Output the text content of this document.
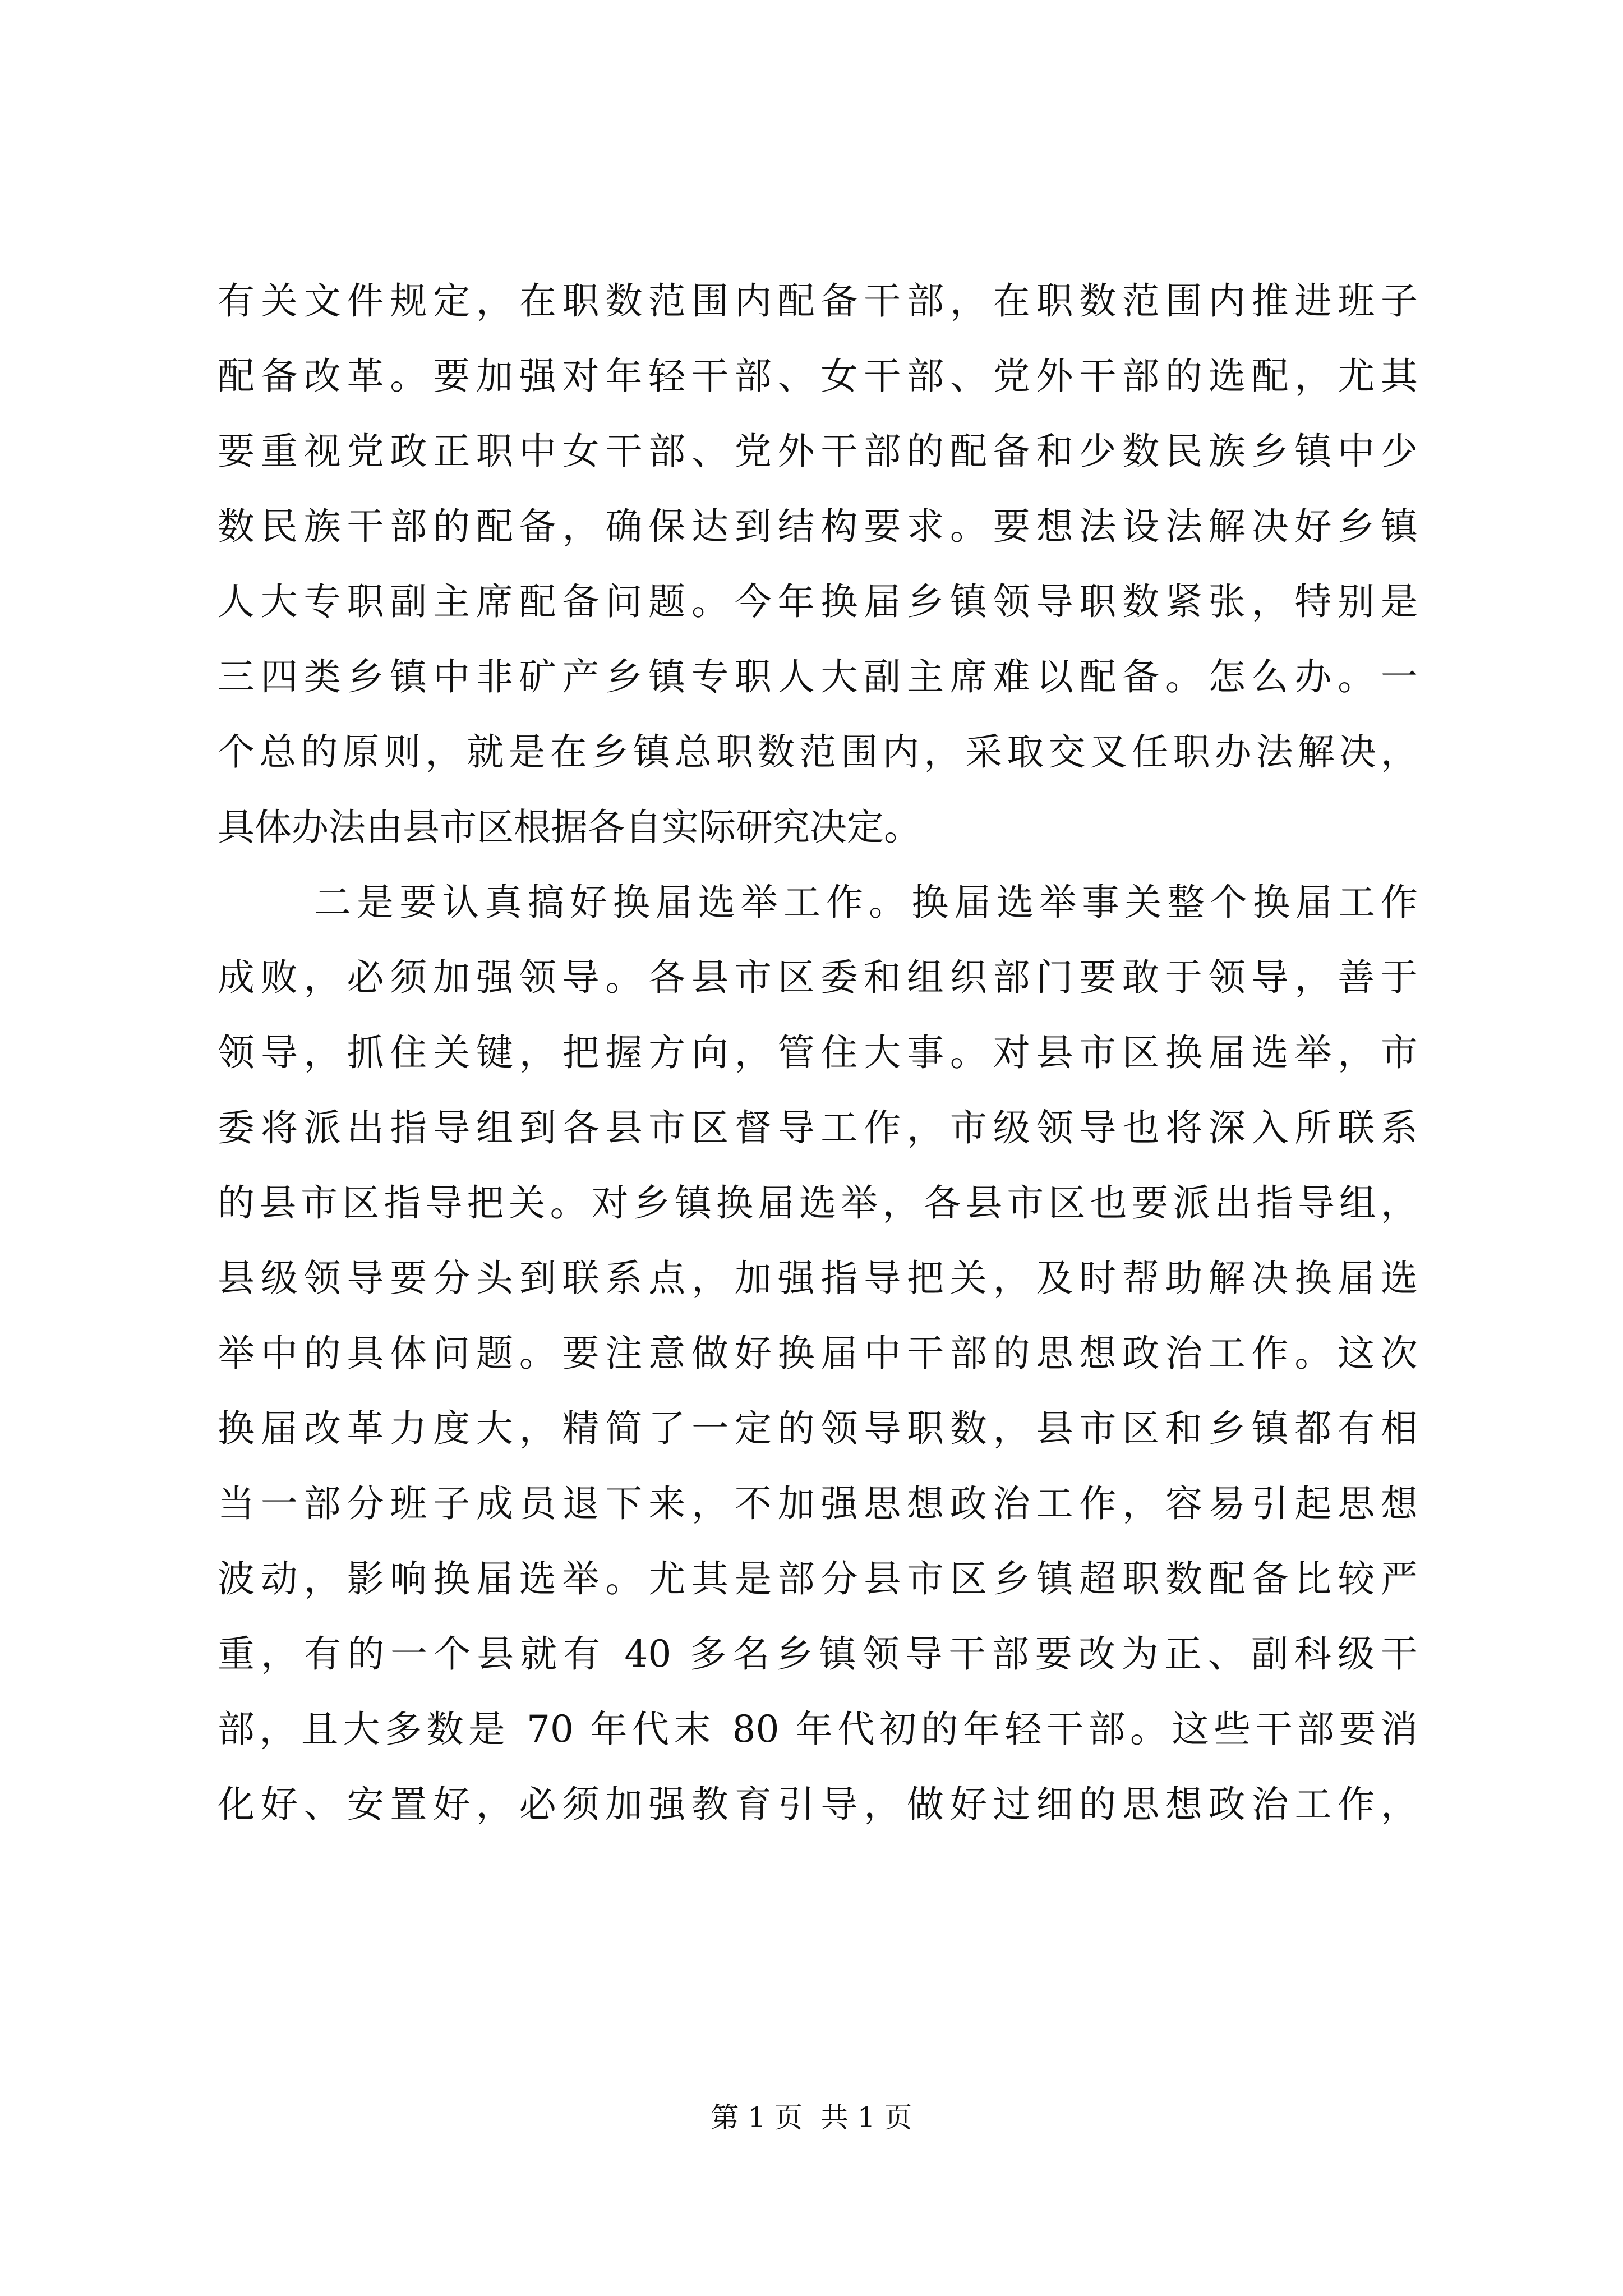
有关文件规定，在职数范围内配备干部，在职数范围内推进班子
配备改革。要加强对年轻干部、女干部、党外干部的选配，尤其
要重视党政正职中女干部、党外干部的配备和少数民族乡镇中少
数民族干部的配备，确保达到结构要求。要想法设法解决好乡镇
人大专职副主席配备问题。今年换届乡镇领导职数紧张，特别是
三四类乡镇中非矿产乡镇专职人大副主席难以配备。怎么办。一
个总的原则，就是在乡镇总职数范围内，采取交叉任职办法解决，
具体办法由县市区根据各自实际研究决定。
二是要认真搞好换届选举工作。换届选举事关整个换届工作
成败，必须加强领导。各县市区委和组织部门要敢于领导，善于
领导，抓住关键，把握方向，管住大事。对县市区换届选举，市
委将派出指导组到各县市区督导工作，市级领导也将深入所联系
的县市区指导把关。对乡镇换届选举，各县市区也要派出指导组，
县级领导要分头到联系点，加强指导把关，及时帮助解决换届选
举中的具体问题。要注意做好换届中干部的思想政治工作。这次
换届改革力度大，精简了一定的领导职数，县市区和乡镇都有相
当一部分班子成员退下来，不加强思想政治工作，容易引起思想
波动，影响换届选举。尤其是部分县市区乡镇超职数配备比较严
重，有的一个县就有 40 多名乡镇领导干部要改为正、副科级干
部，且大多数是 70 年代末 80 年代初的年轻干部。这些干部要消
化好、安置好，必须加强教育引导，做好过细的思想政治工作，
第 1 页  共 1 页
